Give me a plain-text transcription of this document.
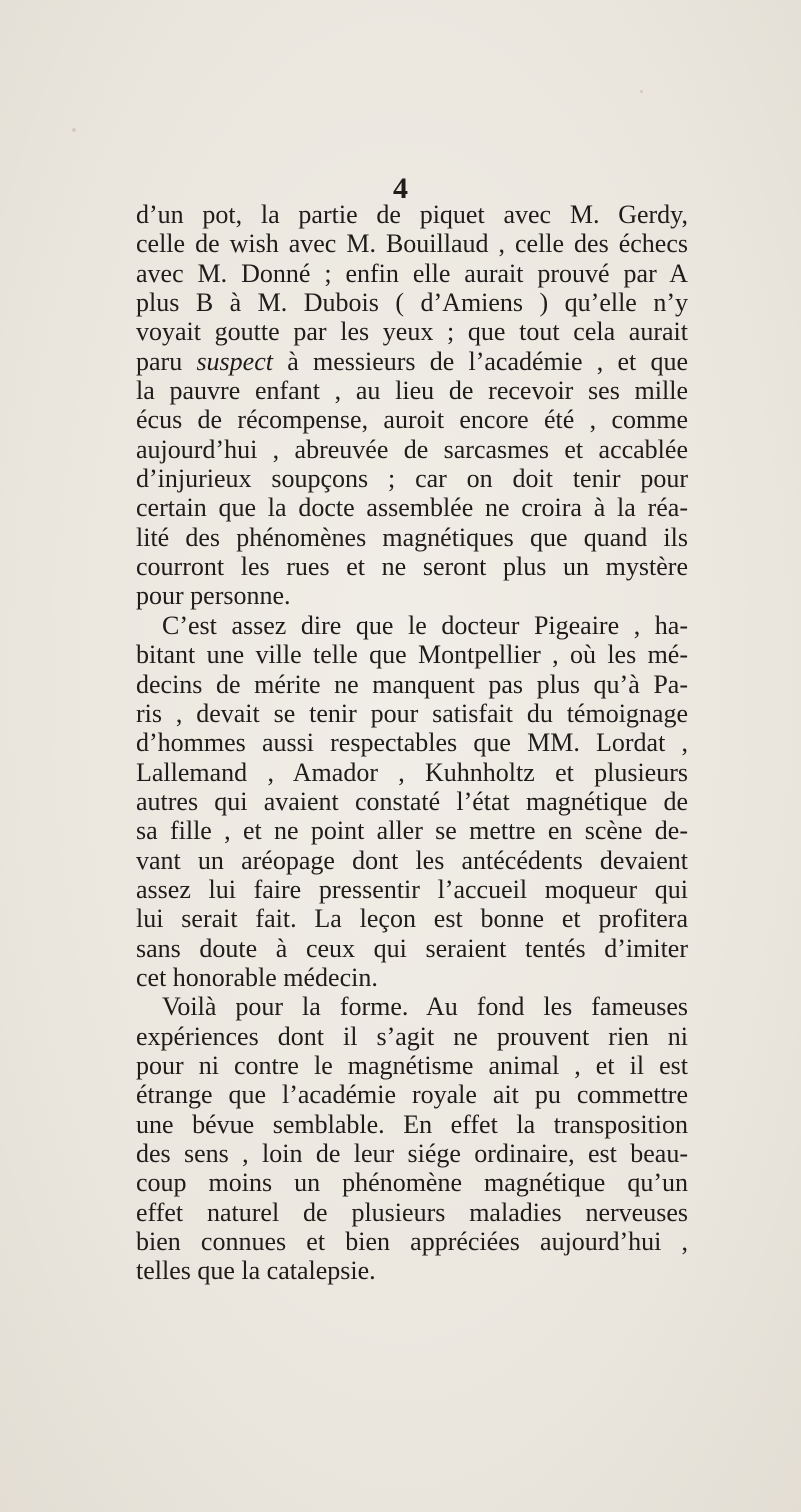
4
d’un pot, la partie de piquet avec M. Gerdy,
celle de wish avec M. Bouillaud , celle des échecs
avec M. Donné ; enfin elle aurait prouvé par A
plus B à M. Dubois ( d’Amiens ) qu’elle n’y
voyait goutte par les yeux ; que tout cela aurait
paru suspect à messieurs de l’académie , et que
la pauvre enfant , au lieu de recevoir ses mille
écus de récompense, auroit encore été , comme
aujourd’hui , abreuvée de sarcasmes et accablée
d’injurieux soupçons ; car on doit tenir pour
certain que la docte assemblée ne croira à la réa-
lité des phénomènes magnétiques que quand ils
courront les rues et ne seront plus un mystère
pour personne.
C’est assez dire que le docteur Pigeaire , ha-
bitant une ville telle que Montpellier , où les mé-
decins de mérite ne manquent pas plus qu’à Pa-
ris , devait se tenir pour satisfait du témoignage
d’hommes aussi respectables que MM. Lordat ,
Lallemand , Amador , Kuhnholtz et plusieurs
autres qui avaient constaté l’état magnétique de
sa fille , et ne point aller se mettre en scène de-
vant un aréopage dont les antécédents devaient
assez lui faire pressentir l’accueil moqueur qui
lui serait fait. La leçon est bonne et profitera
sans doute à ceux qui seraient tentés d’imiter
cet honorable médecin.
Voilà pour la forme. Au fond les fameuses
expériences dont il s’agit ne prouvent rien ni
pour ni contre le magnétisme animal , et il est
étrange que l’académie royale ait pu commettre
une bévue semblable. En effet la transposition
des sens , loin de leur siége ordinaire, est beau-
coup moins un phénomène magnétique qu’un
effet naturel de plusieurs maladies nerveuses
bien connues et bien appréciées aujourd’hui ,
telles que la catalepsie.
